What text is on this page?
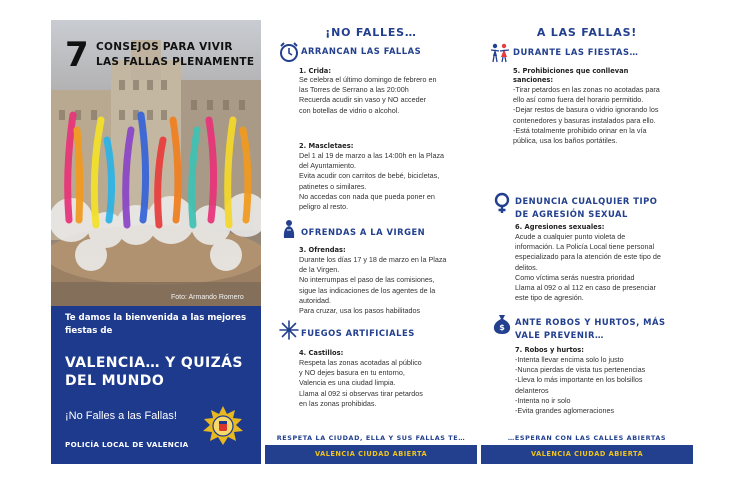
7 CONSEJOS PARA VIVIR LAS FALLAS PLENAMENTE
Foto: Armando Romero
Te damos la bienvenida a las mejores fiestas de
VALENCIA… Y QUIZÁS DEL MUNDO
¡No Falles a las Fallas!
POLICÍA LOCAL DE VALENCIA
¡NO FALLES…
ARRANCAN LAS FALLAS
1. Crida:
Se celebra el último domingo de febrero en las Torres de Serrano a las 20:00h
Recuerda acudir sin vaso y NO acceder con botellas de vidrio o alcohol.
2. Mascletaes:
Del 1 al 19 de marzo a las 14:00h en la Plaza del Ayuntamiento.
Evita acudir con carritos de bebé, bicicletas, patinetes o similares.
No accedas con nada que pueda poner en peligro al resto.
OFRENDAS A LA VIRGEN
3. Ofrendas:
Durante los días 17 y 18 de marzo en la Plaza de la Virgen.
No interrumpas el paso de las comisiones, sigue las indicaciones de los agentes de la autoridad.
Para cruzar, usa los pasos habilitados
FUEGOS ARTIFICIALES
4. Castillos:
Respeta las zonas acotadas al público y NO dejes basura en tu entorno, Valencia es una ciudad limpia.
Llama al 092 si observas tirar petardos en las zonas prohibidas.
RESPETA LA CIUDAD, ELLA Y SUS FALLAS TE…
VALENCIA CIUDAD ABIERTA
A LAS FALLAS!
DURANTE LAS FIESTAS…
5. Prohibiciones que conllevan sanciones:
-Tirar petardos en las zonas no acotadas para ello así como fuera del horario permitido.
-Dejar restos de basura o vidrio ignorando los contenedores y basuras instalados para ello.
-Está totalmente prohibido orinar en la vía pública, usa los baños portátiles.
DENUNCIA CUALQUIER TIPO DE AGRESIÓN SEXUAL
6. Agresiones sexuales:
Acude a cualquier punto violeta de información. La Policía Local tiene personal especializado para la atención de este tipo de delitos.
Como víctima serás nuestra prioridad
Llama al 092 o al 112 en caso de presenciar este tipo de agresión.
$
ANTE ROBOS Y HURTOS, MÁS VALE PREVENIR…
7. Robos y hurtos:
-Intenta llevar encima solo lo justo
-Nunca pierdas de vista tus pertenencias
-Lleva lo más importante en los bolsillos delanteros
-Intenta no ir solo
-Evita grandes aglomeraciones
…ESPERAN CON LAS CALLES ABIERTAS
VALENCIA CIUDAD ABIERTA
